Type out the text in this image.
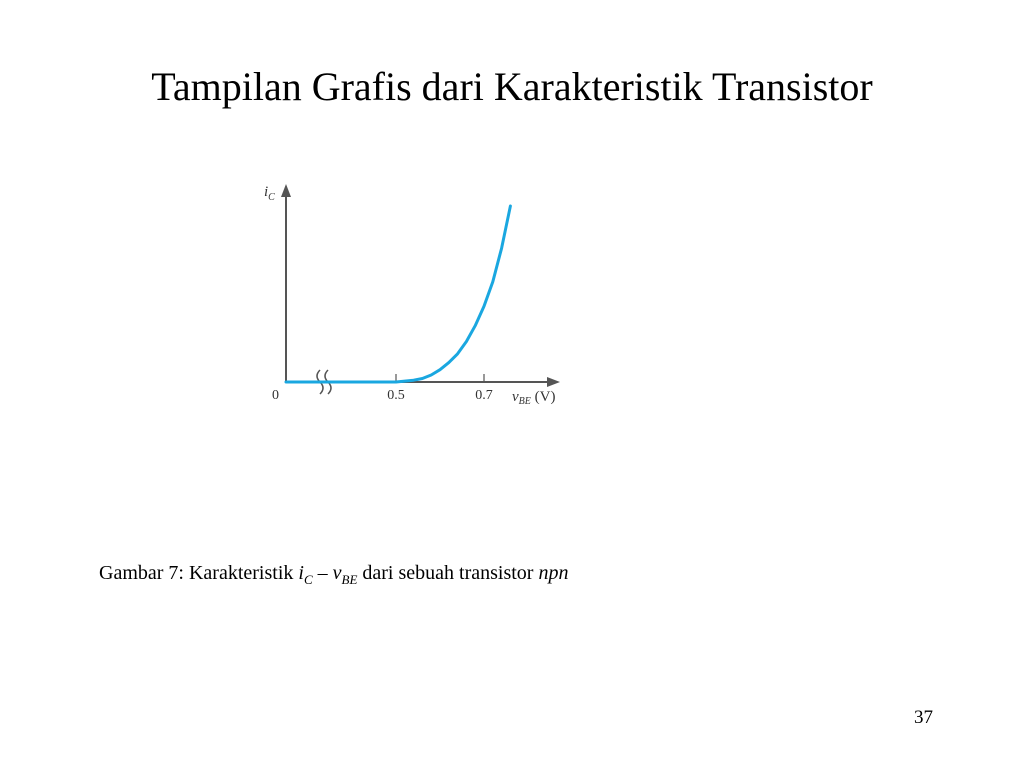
Tampilan Grafis dari Karakteristik Transistor
0.5	0.7
0
$i_C$
$v_{BE}$ (V)
Gambar 7: Karakteristik $i_C - v_{BE}$ dari sebuah transistor npn
37
